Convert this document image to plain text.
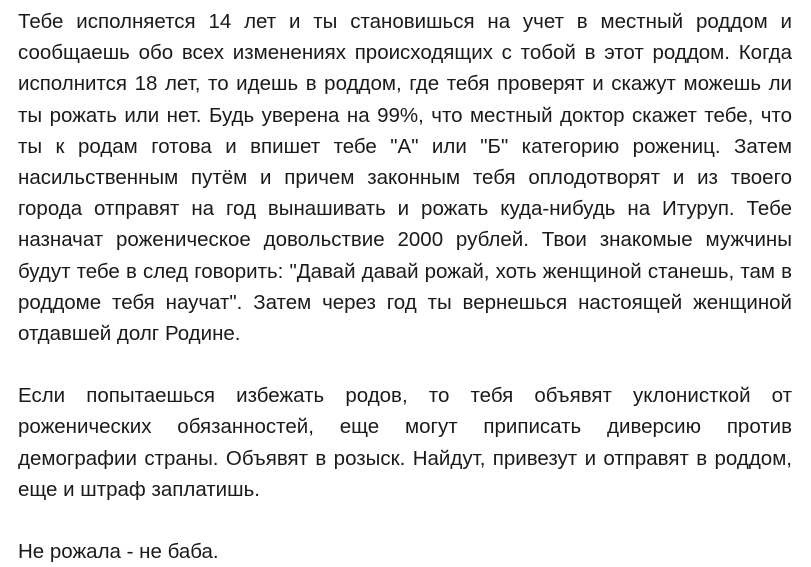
Тебе исполняется 14 лет и ты становишься на учет в местный роддом и сообщаешь обо всех изменениях происходящих с тобой в этот роддом. Когда исполнится 18 лет, то идешь в роддом, где тебя проверят и скажут можешь ли ты рожать или нет. Будь уверена на 99%, что местный доктор скажет тебе, что ты к родам готова и впишет тебе "А" или "Б" категорию рожениц. Затем насильственным путём и причем законным тебя оплодотворят и из твоего города отправят на год вынашивать и рожать куда-нибудь на Итуруп. Тебе назначат роженическое довольствие 2000 рублей. Твои знакомые мужчины будут тебе в след говорить: "Давай давай рожай, хоть женщиной станешь, там в роддоме тебя научат". Затем через год ты вернешься настоящей женщиной отдавшей долг Родине.

Если попытаешься избежать родов, то тебя объявят уклонисткой от роженических обязанностей, еще могут приписать диверсию против демографии страны. Объявят в розыск. Найдут, привезут и отправят в роддом, еще и штраф заплатишь.

Не рожала - не баба.
